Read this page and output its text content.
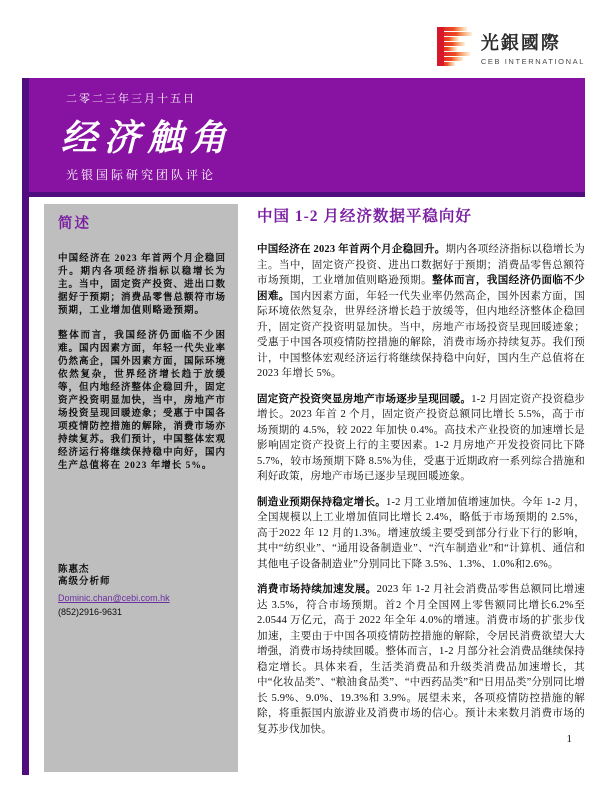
光銀國際
CEB INTERNATIONAL
二零二三年三月十五日
经济触角
光银国际研究团队评论
简述

中国经济在 2023 年首两个月企稳回升。期内各项经济指标以稳增长为主。当中，固定资产投资、进出口数据好于预期；消费品零售总额符市场预期，工业增加值则略逊预期。

整体而言，我国经济仍面临不少困难。国内因素方面，年轻一代失业率仍然高企，国外因素方面，国际环境依然复杂，世界经济增长趋于放缓等，但内地经济整体企稳回升，固定资产投资明显加快，当中，房地产市场投资呈现回暖迹象；受惠于中国各项疫情防控措施的解除，消费市场亦持续复苏。我们预计，中国整体宏观经济运行将继续保持稳中向好，国内生产总值将在 2023 年增长 5%。

陈惠杰
高级分析师
Dominic.chan@cebi.com.hk
(852)2916-9631
中国 1-2 月经济数据平稳向好

中国经济在 2023 年首两个月企稳回升。期内各项经济指标以稳增长为主。当中，固定资产投资、进出口数据好于预期；消费品零售总额符市场预期，工业增加值则略逊预期。整体而言，我国经济仍面临不少困难。国内因素方面，年轻一代失业率仍然高企，国外因素方面，国际环境依然复杂，世界经济增长趋于放缓等，但内地经济整体企稳回升，固定资产投资明显加快。当中，房地产市场投资呈现回暖迹象；受惠于中国各项疫情防控措施的解除，消费市场亦持续复苏。我们预计，中国整体宏观经济运行将继续保持稳中向好，国内生产总值将在 2023 年增长 5%。

固定资产投资突显房地产市场逐步呈现回暖。1-2 月固定资产投资稳步增长。2023 年首 2 个月，固定资产投资总额同比增长 5.5%，高于市场预期的 4.5%，较 2022 年加快 0.4%。高技术产业投资的加速增长是影响固定资产投资上行的主要因素。1-2 月房地产开发投资同比下降 5.7%，较市场预期下降 8.5%为佳，受惠于近期政府一系列综合措施和利好政策，房地产市场已逐步呈现回暖迹象。

制造业预期保持稳定增长。1-2 月工业增加值增速加快。今年 1-2 月，全国规模以上工业增加值同比增长 2.4%，略低于市场预期的 2.5%，高于2022 年 12 月的1.3%。增速放缓主要受到部分行业下行的影响，其中“纺织业”、“通用设备制造业”、“汽车制造业”和“计算机、通信和其他电子设备制造业”分别同比下降 3.5%、1.3%、1.0%和2.6%。

消费市场持续加速发展。2023 年 1-2 月社会消费品零售总额同比增速达 3.5%，符合市场预期。首2 个月全国网上零售额同比增长6.2%至2.0544 万亿元，高于 2022 年全年 4.0%的增速。消费市场的扩张步伐加速，主要由于中国各项疫情防控措施的解除，令居民消费欲望大大增强，消费市场持续回暖。整体而言，1-2 月部分社会消费品继续保持稳定增长。具体来看，生活类消费品和升级类消费品加速增长，其中“化妆品类”、“粮油食品类”、“中西药品类”和“日用品类”分别同比增长 5.9%、9.0%、19.3%和 3.9%。展望未来，各项疫情防控措施的解除，将重振国内旅游业及消费市场的信心。预计未来数月消费市场的复苏步伐加快。

1
